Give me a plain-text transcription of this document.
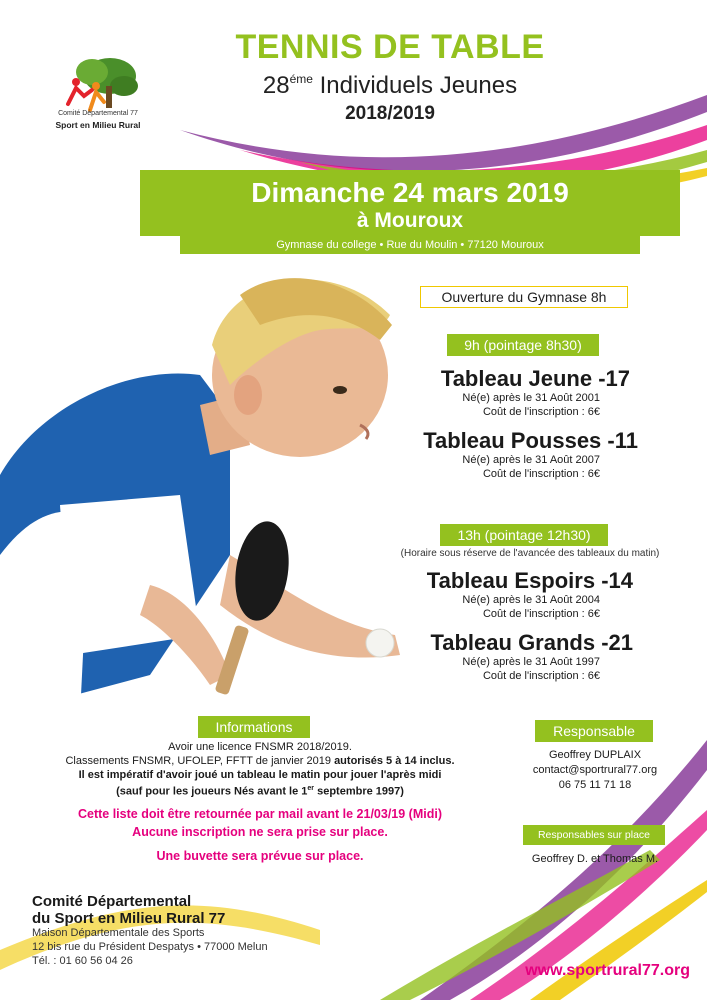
Comité Départemental 77
Sport en Milieu Rural
TENNIS DE TABLE
$28^{éme}$ Individuels Jeunes
2018/2019
Dimanche 24 mars 2019
à Mouroux
Gymnase du college • Rue du Moulin • 77120 Mouroux
Ouverture du Gymnase 8h
9h (pointage 8h30)
Tableau Jeune -17
Né(e) après le 31 Août 2001
Coût de l'inscription : 6€
Tableau Pousses -11
Né(e) après le 31 Août 2007
Coût de l'inscription : 6€
13h (pointage 12h30)
(Horaire sous réserve de l'avancée des tableaux du matin)
Tableau Espoirs -14
Né(e) après le 31 Août 2004
Coût de l'inscription : 6€
Tableau Grands -21
Né(e) après le 31 Août 1997
Coût de l'inscription : 6€
Informations
Avoir une licence FNSMR 2018/2019.
Classements FNSMR, UFOLEP, FFTT de janvier 2019 autorisés 5 à 14 inclus.
Il est impératif d'avoir joué un tableau le matin pour jouer l'après midi
(sauf pour les joueurs Nés avant le 1er septembre 1997)
Cette liste doit être retournée par mail avant le 21/03/19 (Midi)
Aucune inscription ne sera prise sur place.
Une buvette sera prévue sur place.
Responsable
Geoffrey DUPLAIX
contact@sportrural77.org
06 75 11 71 18
Responsables sur place
Geoffrey D. et Thomas M.
Comité Départemental
du Sport en Milieu Rural 77
Maison Départementale des Sports
12 bis rue du Président Despatys • 77000 Melun
Tél. : 01 60 56 04 26
www.sportrural77.org
